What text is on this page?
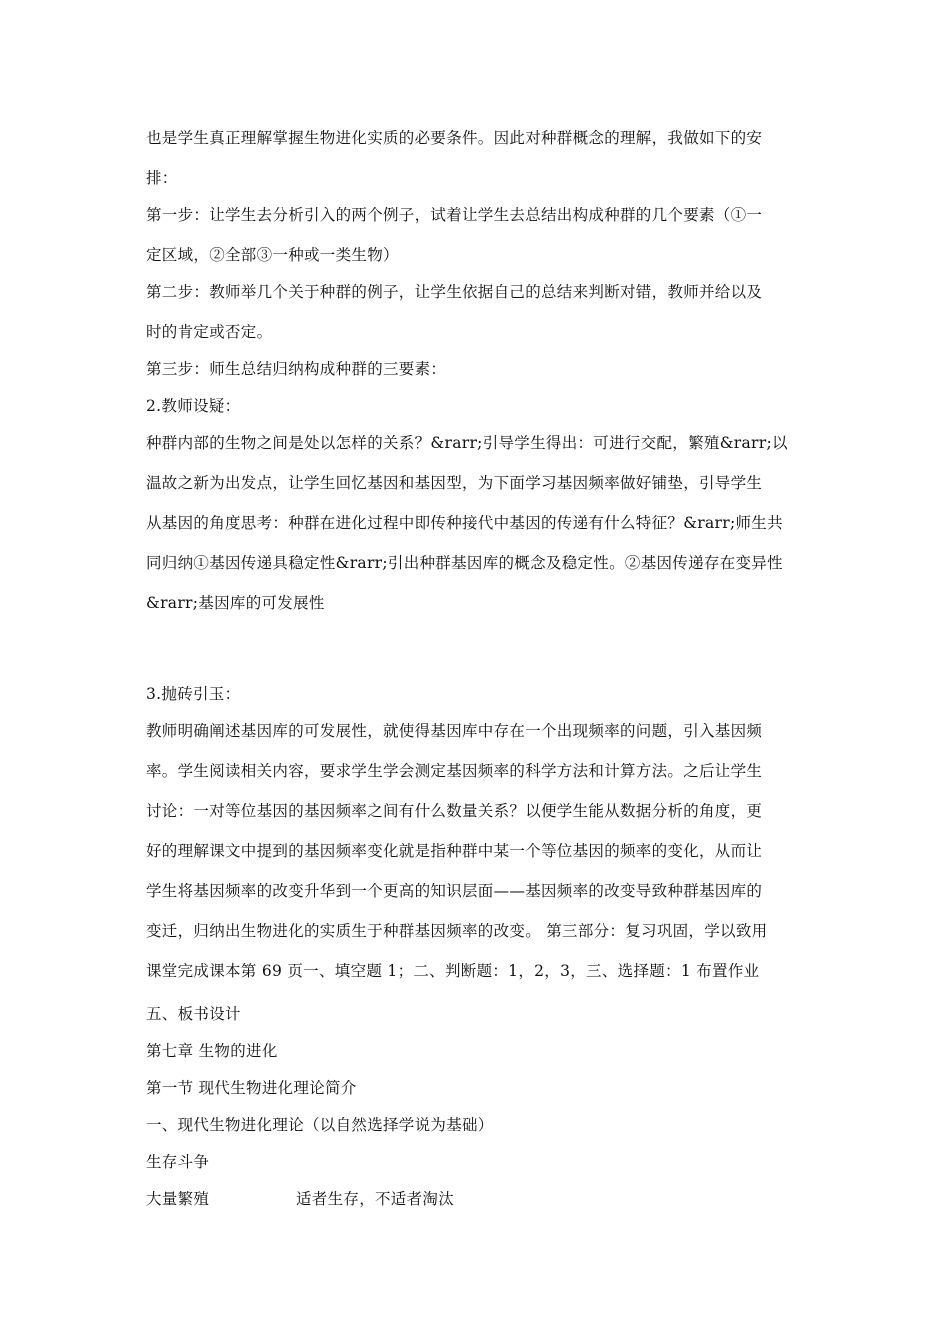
也是学生真正理解掌握生物进化实质的必要条件。因此对种群概念的理解，我做如下的安
排：
第一步：让学生去分析引入的两个例子，试着让学生去总结出构成种群的几个要素（①一
定区域，②全部③一种或一类生物）
第二步：教师举几个关于种群的例子，让学生依据自己的总结来判断对错，教师并给以及
时的肯定或否定。
第三步：师生总结归纳构成种群的三要素：
2.教师设疑：
种群内部的生物之间是处以怎样的关系？&rarr;引导学生得出：可进行交配，繁殖&rarr;以
温故之新为出发点，让学生回忆基因和基因型，为下面学习基因频率做好铺垫，引导学生
从基因的角度思考：种群在进化过程中即传种接代中基因的传递有什么特征？&rarr;师生共
同归纳①基因传递具稳定性&rarr;引出种群基因库的概念及稳定性。②基因传递存在变异性
&rarr;基因库的可发展性
3.抛砖引玉：
教师明确阐述基因库的可发展性，就使得基因库中存在一个出现频率的问题，引入基因频
率。学生阅读相关内容，要求学生学会测定基因频率的科学方法和计算方法。之后让学生
讨论：一对等位基因的基因频率之间有什么数量关系？以便学生能从数据分析的角度，更
好的理解课文中提到的基因频率变化就是指种群中某一个等位基因的频率的变化，从而让
学生将基因频率的改变升华到一个更高的知识层面——基因频率的改变导致种群基因库的
变迁，归纳出生物进化的实质生于种群基因频率的改变。 第三部分：复习巩固，学以致用
课堂完成课本第 69 页一、填空题 1；二、判断题：1，2，3，三、选择题：1 布置作业
五、板书设计
第七章 生物的进化
第一节 现代生物进化理论简介
一、现代生物进化理论（以自然选择学说为基础）
生存斗争
大量繁殖	适者生存，不适者淘汰
